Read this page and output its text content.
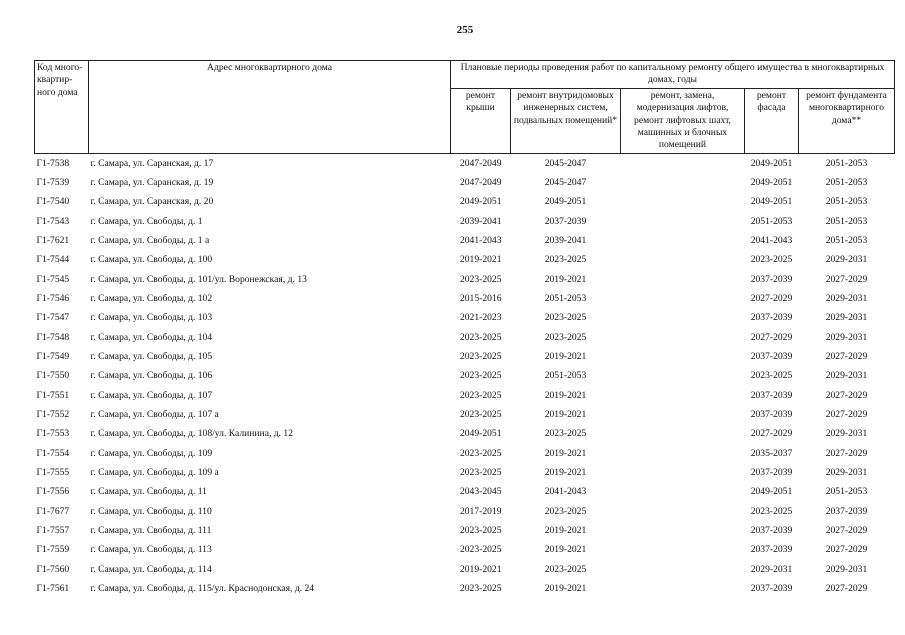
255
Код много-квартир-ного дома	Адрес многоквартирного дома	Плановые периоды проведения работ по капитальному ремонту общего имущества в многоквартирных домах, годы				
		ремонт крыши	ремонт внутридомовых инженерных систем, подвальных помещений*	ремонт, замена, модернизация лифтов, ремонт лифтовых шахт, машинных и блочных помещений	ремонт фасада	ремонт фундамента многоквартирного дома**
Г1-7538	г. Самара, ул. Саранская, д. 17	2047-2049	2045-2047		2049-2051	2051-2053
Г1-7539	г. Самара, ул. Саранская, д. 19	2047-2049	2045-2047		2049-2051	2051-2053
Г1-7540	г. Самара, ул. Саранская, д. 20	2049-2051	2049-2051		2049-2051	2051-2053
Г1-7543	г. Самара, ул. Свободы, д. 1	2039-2041	2037-2039		2051-2053	2051-2053
Г1-7621	г. Самара, ул. Свободы, д. 1 а	2041-2043	2039-2041		2041-2043	2051-2053
Г1-7544	г. Самара, ул. Свободы, д. 100	2019-2021	2023-2025		2023-2025	2029-2031
Г1-7545	г. Самара, ул. Свободы, д. 101/ул. Воронежская, д. 13	2023-2025	2019-2021		2037-2039	2027-2029
Г1-7546	г. Самара, ул. Свободы, д. 102	2015-2016	2051-2053		2027-2029	2029-2031
Г1-7547	г. Самара, ул. Свободы, д. 103	2021-2023	2023-2025		2037-2039	2029-2031
Г1-7548	г. Самара, ул. Свободы, д. 104	2023-2025	2023-2025		2027-2029	2029-2031
Г1-7549	г. Самара, ул. Свободы, д. 105	2023-2025	2019-2021		2037-2039	2027-2029
Г1-7550	г. Самара, ул. Свободы, д. 106	2023-2025	2051-2053		2023-2025	2029-2031
Г1-7551	г. Самара, ул. Свободы, д. 107	2023-2025	2019-2021		2037-2039	2027-2029
Г1-7552	г. Самара, ул. Свободы, д. 107 а	2023-2025	2019-2021		2037-2039	2027-2029
Г1-7553	г. Самара, ул. Свободы, д. 108/ул. Калинина, д. 12	2049-2051	2023-2025		2027-2029	2029-2031
Г1-7554	г. Самара, ул. Свободы, д. 109	2023-2025	2019-2021		2035-2037	2027-2029
Г1-7555	г. Самара, ул. Свободы, д. 109 а	2023-2025	2019-2021		2037-2039	2029-2031
Г1-7556	г. Самара, ул. Свободы, д. 11	2043-2045	2041-2043		2049-2051	2051-2053
Г1-7677	г. Самара, ул. Свободы, д. 110	2017-2019	2023-2025		2023-2025	2037-2039
Г1-7557	г. Самара, ул. Свободы, д. 111	2023-2025	2019-2021		2037-2039	2027-2029
Г1-7559	г. Самара, ул. Свободы, д. 113	2023-2025	2019-2021		2037-2039	2027-2029
Г1-7560	г. Самара, ул. Свободы, д. 114	2019-2021	2023-2025		2029-2031	2029-2031
Г1-7561	г. Самара, ул. Свободы, д. 115/ул. Краснодонская, д. 24	2023-2025	2019-2021		2037-2039	2027-2029
